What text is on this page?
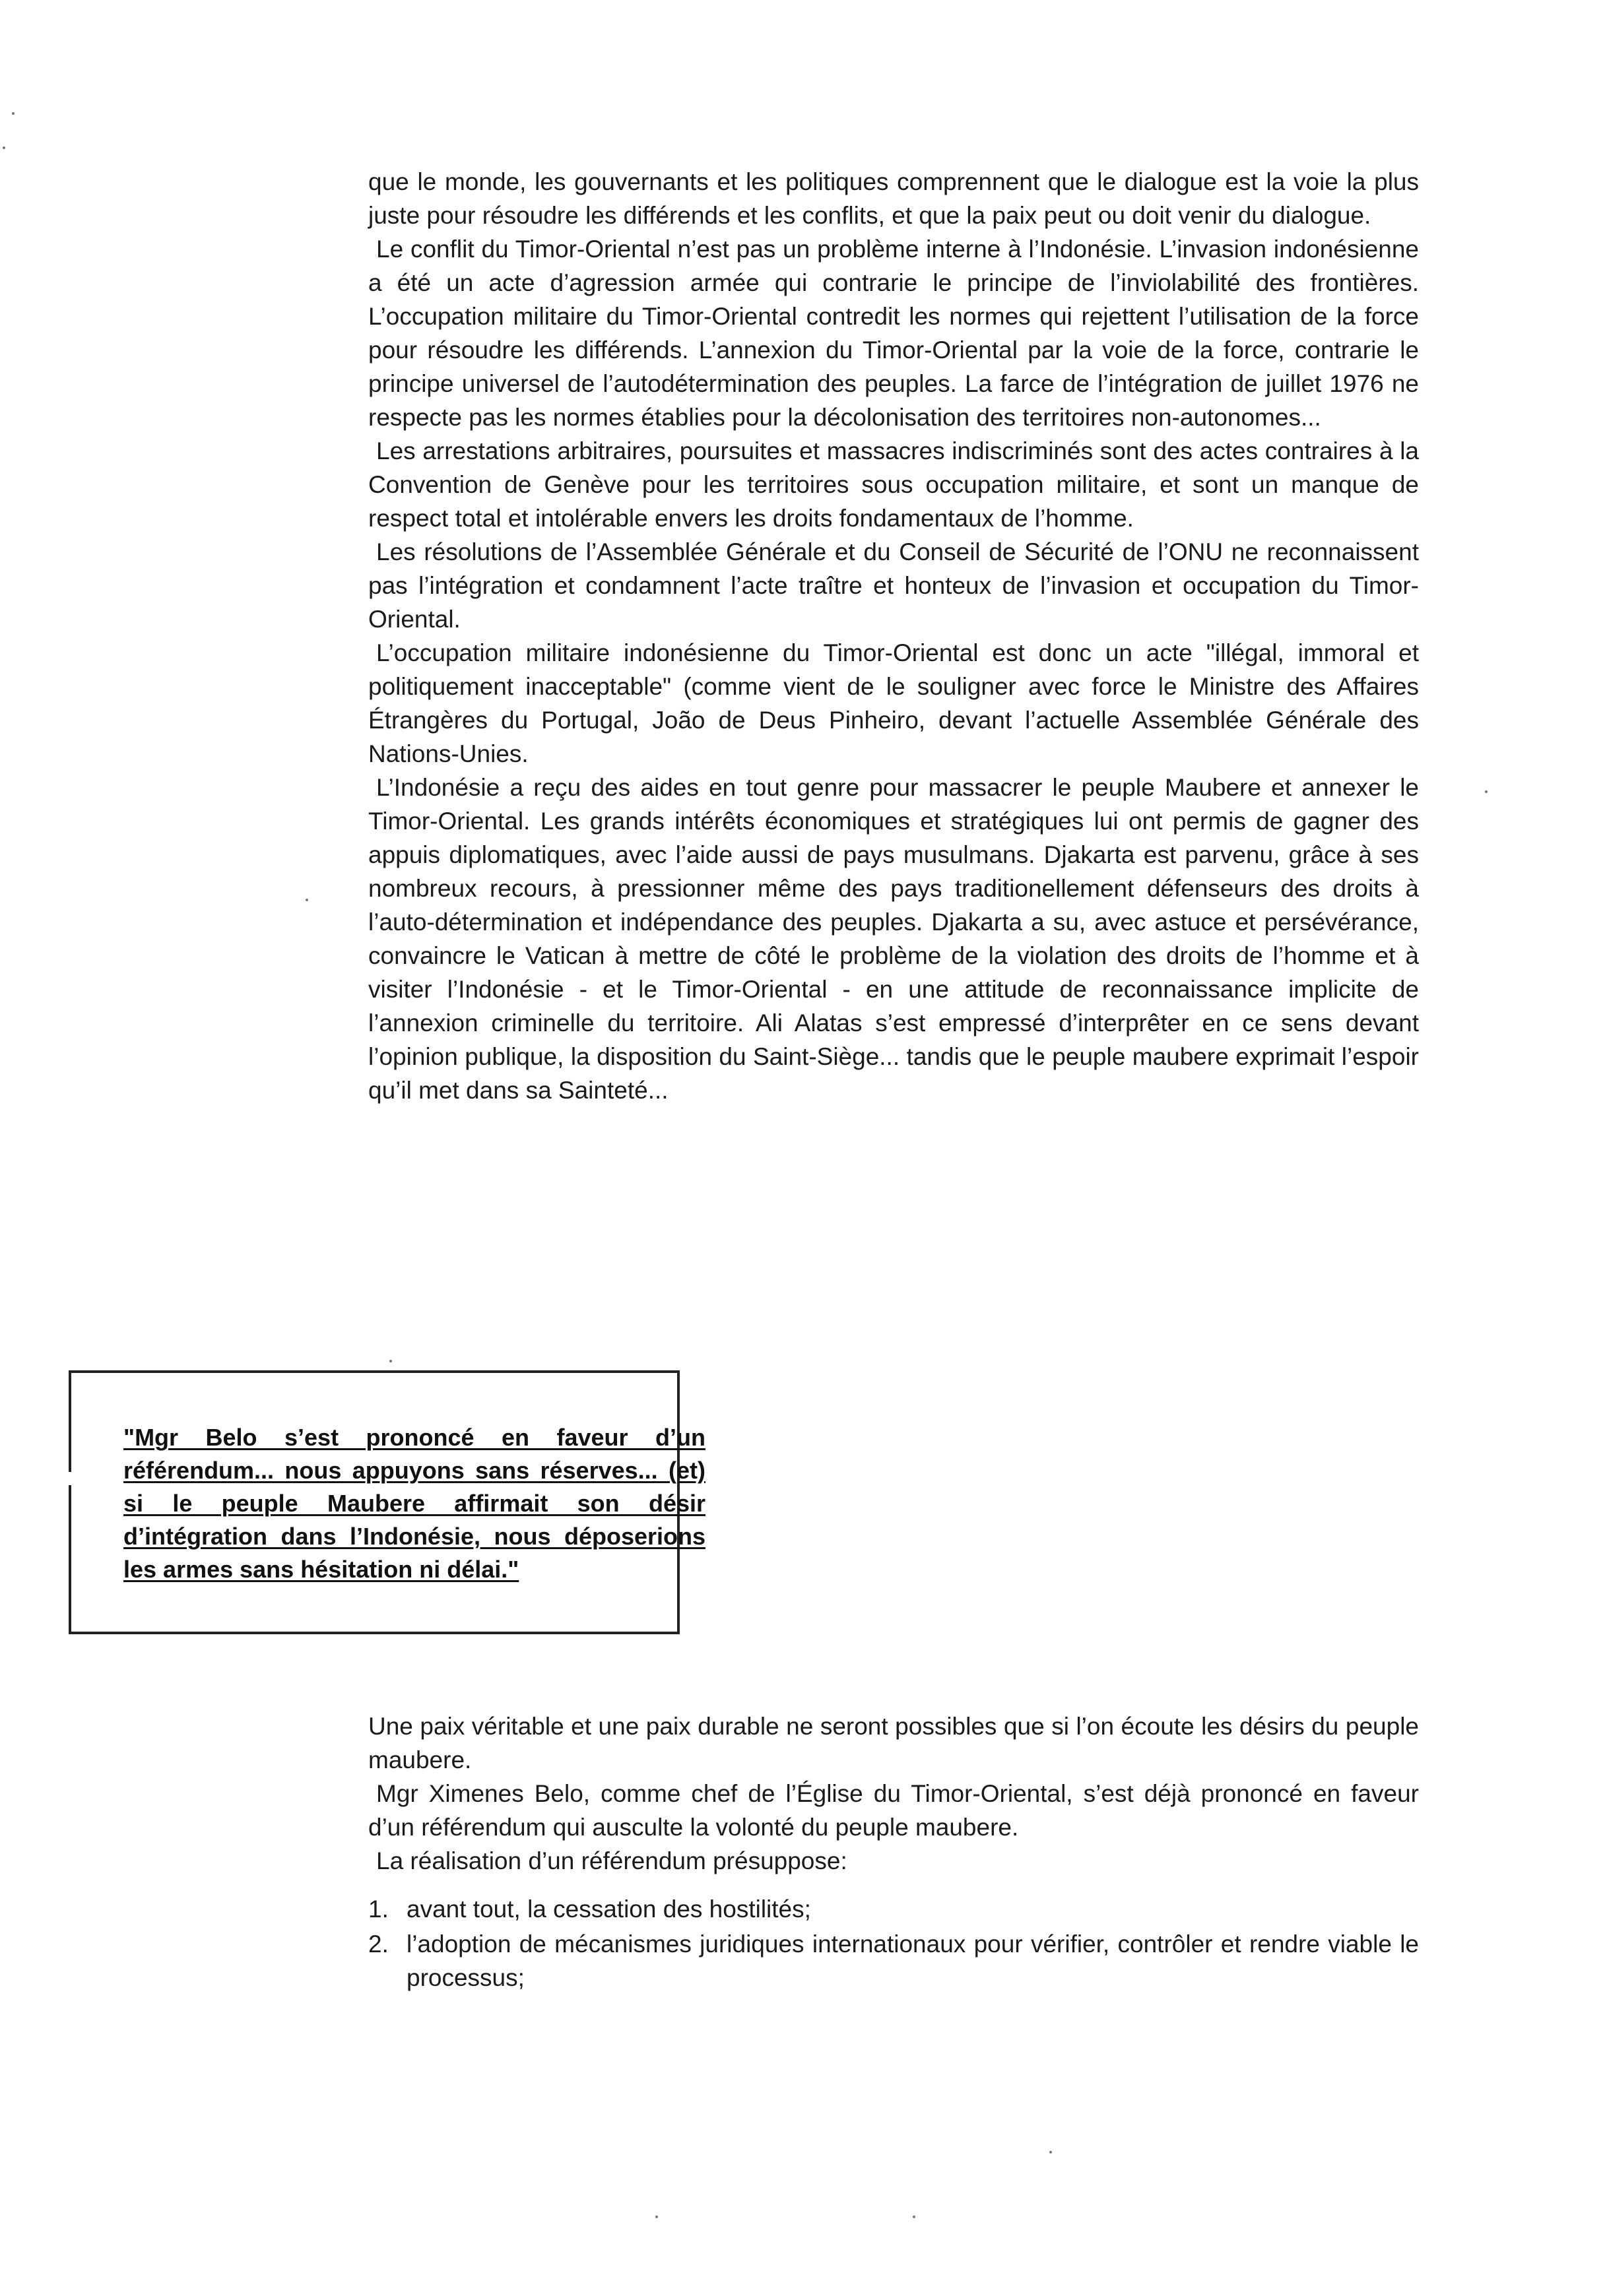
que le monde, les gouvernants et les politiques comprennent que le dialogue est la voie la plus juste pour résoudre les différends et les conflits, et que la paix peut ou doit venir du dialogue.

Le conflit du Timor-Oriental n’est pas un problème interne à l’Indonésie. L’invasion indonésienne a été un acte d’agression armée qui contrarie le principe de l’inviolabilité des frontières. L’occupation militaire du Timor-Oriental contredit les normes qui rejettent l’utilisation de la force pour résoudre les différends. L’annexion du Timor-Oriental par la voie de la force, contrarie le principe universel de l’autodétermination des peuples. La farce de l’intégration de juillet 1976 ne respecte pas les normes établies pour la décolonisation des territoires non-autonomes...

Les arrestations arbitraires, poursuites et massacres indiscriminés sont des actes contraires à la Convention de Genève pour les territoires sous occupation militaire, et sont un manque de respect total et intolérable envers les droits fondamentaux de l’homme.

Les résolutions de l’Assemblée Générale et du Conseil de Sécurité de l’ONU ne reconnaissent pas l’intégration et condamnent l’acte traître et honteux de l’invasion et occupation du Timor-Oriental.

L’occupation militaire indonésienne du Timor-Oriental est donc un acte "illégal, immoral et politiquement inacceptable" (comme vient de le souligner avec force le Ministre des Affaires Étrangères du Portugal, João de Deus Pinheiro, devant l’actuelle Assemblée Générale des Nations-Unies.

L’Indonésie a reçu des aides en tout genre pour massacrer le peuple Maubere et annexer le Timor-Oriental. Les grands intérêts économiques et stratégiques lui ont permis de gagner des appuis diplomatiques, avec l’aide aussi de pays musulmans. Djakarta est parvenu, grâce à ses nombreux recours, à pressionner même des pays traditionellement défenseurs des droits à l’auto-détermination et indépendance des peuples. Djakarta a su, avec astuce et persévérance, convaincre le Vatican à mettre de côté le problème de la violation des droits de l’homme et à visiter l’Indonésie - et le Timor-Oriental - en une attitude de reconnaissance implicite de l’annexion criminelle du territoire. Ali Alatas s’est empressé d’interprêter en ce sens devant l’opinion publique, la disposition du Saint-Siège... tandis que le peuple maubere exprimait l’espoir qu’il met dans sa Sainteté...

"Mgr Belo s’est prononcé en faveur d’un référendum... nous appuyons sans réserves... (et) si le peuple Maubere affirmait son désir d’intégration dans l’Indonésie, nous déposerions les armes sans hésitation ni délai."

Une paix véritable et une paix durable ne seront possibles que si l’on écoute les désirs du peuple maubere.

Mgr Ximenes Belo, comme chef de l’Église du Timor-Oriental, s’est déjà prononcé en faveur d’un référendum qui ausculte la volonté du peuple maubere.

La réalisation d’un référendum présuppose:

1. avant tout, la cessation des hostilités;
2. l’adoption de mécanismes juridiques internationaux pour vérifier, contrôler et rendre viable le processus;
